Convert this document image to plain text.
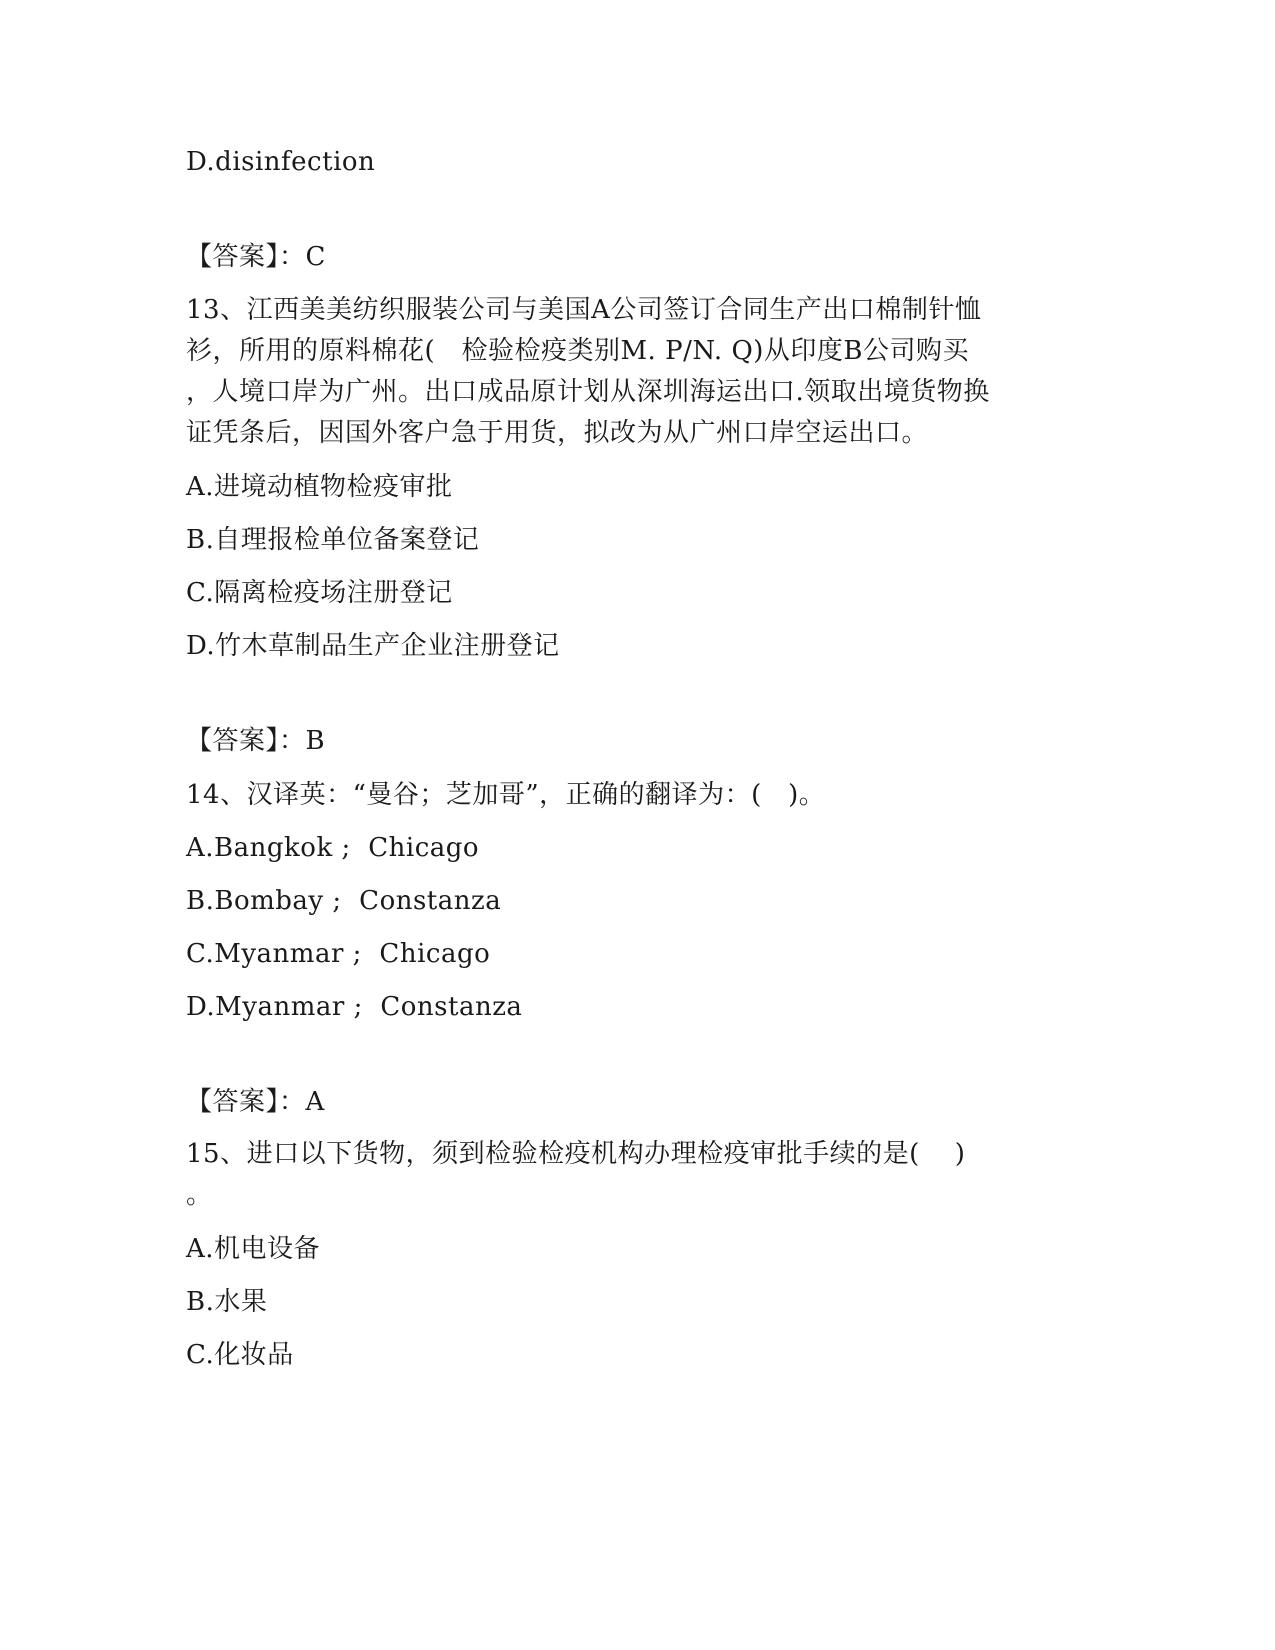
D.disinfection
【答案】：C
13、江西美美纺织服装公司与美国A公司签订合同生产出口棉制针恤
衫，所用的原料棉花(   检验检疫类别M. P/N. Q)从印度B公司购买
，人境口岸为广州。出口成品原计划从深圳海运出口.领取出境货物换
证凭条后，因国外客户急于用货，拟改为从广州口岸空运出口。
A.进境动植物检疫审批
B.自理报检单位备案登记
C.隔离检疫场注册登记
D.竹木草制品生产企业注册登记
【答案】：B
14、汉译英：“曼谷；芝加哥”，正确的翻译为：(   )。
A.Bangkok ;  Chicago
B.Bombay ;  Constanza
C.Myanmar ;  Chicago
D.Myanmar ;  Constanza
【答案】：A
15、进口以下货物，须到检验检疫机构办理检疫审批手续的是(    )
。
A.机电设备
B.水果
C.化妆品
